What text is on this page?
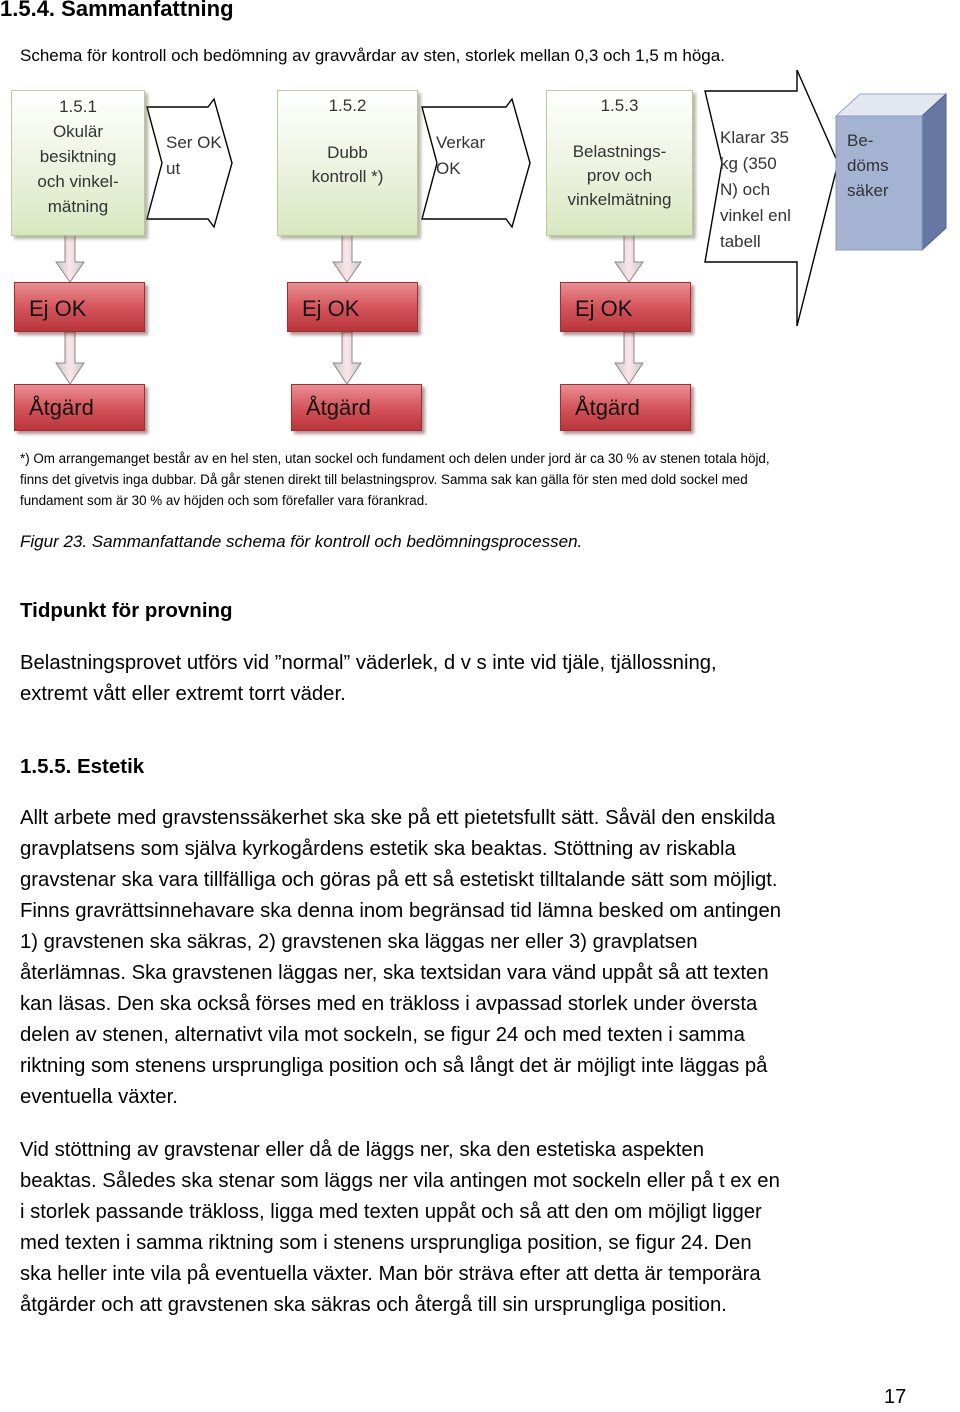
1.5.4. Sammanfattning
Schema för kontroll och bedömning av gravvårdar av sten, storlek mellan 0,3 och 1,5 m höga.
1.5.1
Okulär
besiktning
och vinkel-
mätning
1.5.2
Dubb
kontroll *)
1.5.3
Belastnings-
prov och
vinkelmätning
Ser OK
ut
Verkar
OK
Klarar 35
kg (350
N) och
vinkel enl
tabell
Be-
döms
säker
Ej OK	Ej OK	Ej OK
Åtgärd	Åtgärd	Åtgärd
*) Om arrangemanget består av en hel sten, utan sockel och fundament och delen under jord är ca 30 % av stenen totala höjd,
finns det givetvis inga dubbar. Då går stenen direkt till belastningsprov. Samma sak kan gälla för sten med dold sockel med
fundament som är 30 % av höjden och som förefaller vara förankrad.
Figur 23. Sammanfattande schema för kontroll och bedömningsprocessen.
Tidpunkt för provning
Belastningsprovet utförs vid ”normal” väderlek, d v s inte vid tjäle, tjällossning,
extremt vått eller extremt torrt väder.
1.5.5. Estetik
Allt arbete med gravstenssäkerhet ska ske på ett pietetsfullt sätt. Såväl den enskilda
gravplatsens som själva kyrkogårdens estetik ska beaktas. Stöttning av riskabla
gravstenar ska vara tillfälliga och göras på ett så estetiskt tilltalande sätt som möjligt.
Finns gravrättsinnehavare ska denna inom begränsad tid lämna besked om antingen
1) gravstenen ska säkras, 2) gravstenen ska läggas ner eller 3) gravplatsen
återlämnas. Ska gravstenen läggas ner, ska textsidan vara vänd uppåt så att texten
kan läsas. Den ska också förses med en träkloss i avpassad storlek under översta
delen av stenen, alternativt vila mot sockeln, se figur 24 och med texten i samma
riktning som stenens ursprungliga position och så långt det är möjligt inte läggas på
eventuella växter.
Vid stöttning av gravstenar eller då de läggs ner, ska den estetiska aspekten
beaktas. Således ska stenar som läggs ner vila antingen mot sockeln eller på t ex en
i storlek passande träkloss, ligga med texten uppåt och så att den om möjligt ligger
med texten i samma riktning som i stenens ursprungliga position, se figur 24. Den
ska heller inte vila på eventuella växter. Man bör sträva efter att detta är temporära
åtgärder och att gravstenen ska säkras och återgå till sin ursprungliga position.
17
